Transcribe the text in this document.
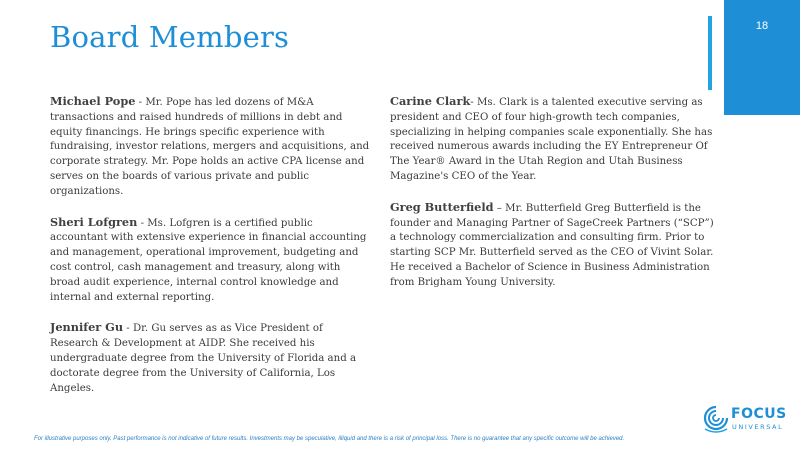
Board Members	18

Michael Pope - Mr. Pope has led dozens of M&A transactions and raised hundreds of millions in debt and equity financings. He brings specific experience with fundraising, investor relations, mergers and acquisitions, and corporate strategy. Mr. Pope holds an active CPA license and serves on the boards of various private and public organizations.

Sheri Lofgren - Ms. Lofgren is a certified public accountant with extensive experience in financial accounting and management, operational improvement, budgeting and cost control, cash management and treasury, along with broad audit experience, internal control knowledge and internal and external reporting.

Jennifer Gu - Dr. Gu serves as as Vice President of Research & Development at AIDP. She received his undergraduate degree from the University of Florida and a doctorate degree from the University of California, Los Angeles.

Carine Clark- Ms. Clark is a talented executive serving as president and CEO of four high-growth tech companies, specializing in helping companies scale exponentially. She has received numerous awards including the EY Entrepreneur Of The Year® Award in the Utah Region and Utah Business Magazine's CEO of the Year.

Greg Butterfield – Mr. Butterfield Greg Butterfield is the founder and Managing Partner of SageCreek Partners (“SCP”) a technology commercialization and consulting firm. Prior to starting SCP Mr. Butterfield served as the CEO of Vivint Solar. He received a Bachelor of Science in Business Administration from Brigham Young University.

FOCUS
UNIVERSAL
For illustrative purposes only. Past performance is not indicative of future results. Investments may be speculative, illiquid and there is a risk of principal loss. There is no guarantee that any specific outcome will be achieved.
